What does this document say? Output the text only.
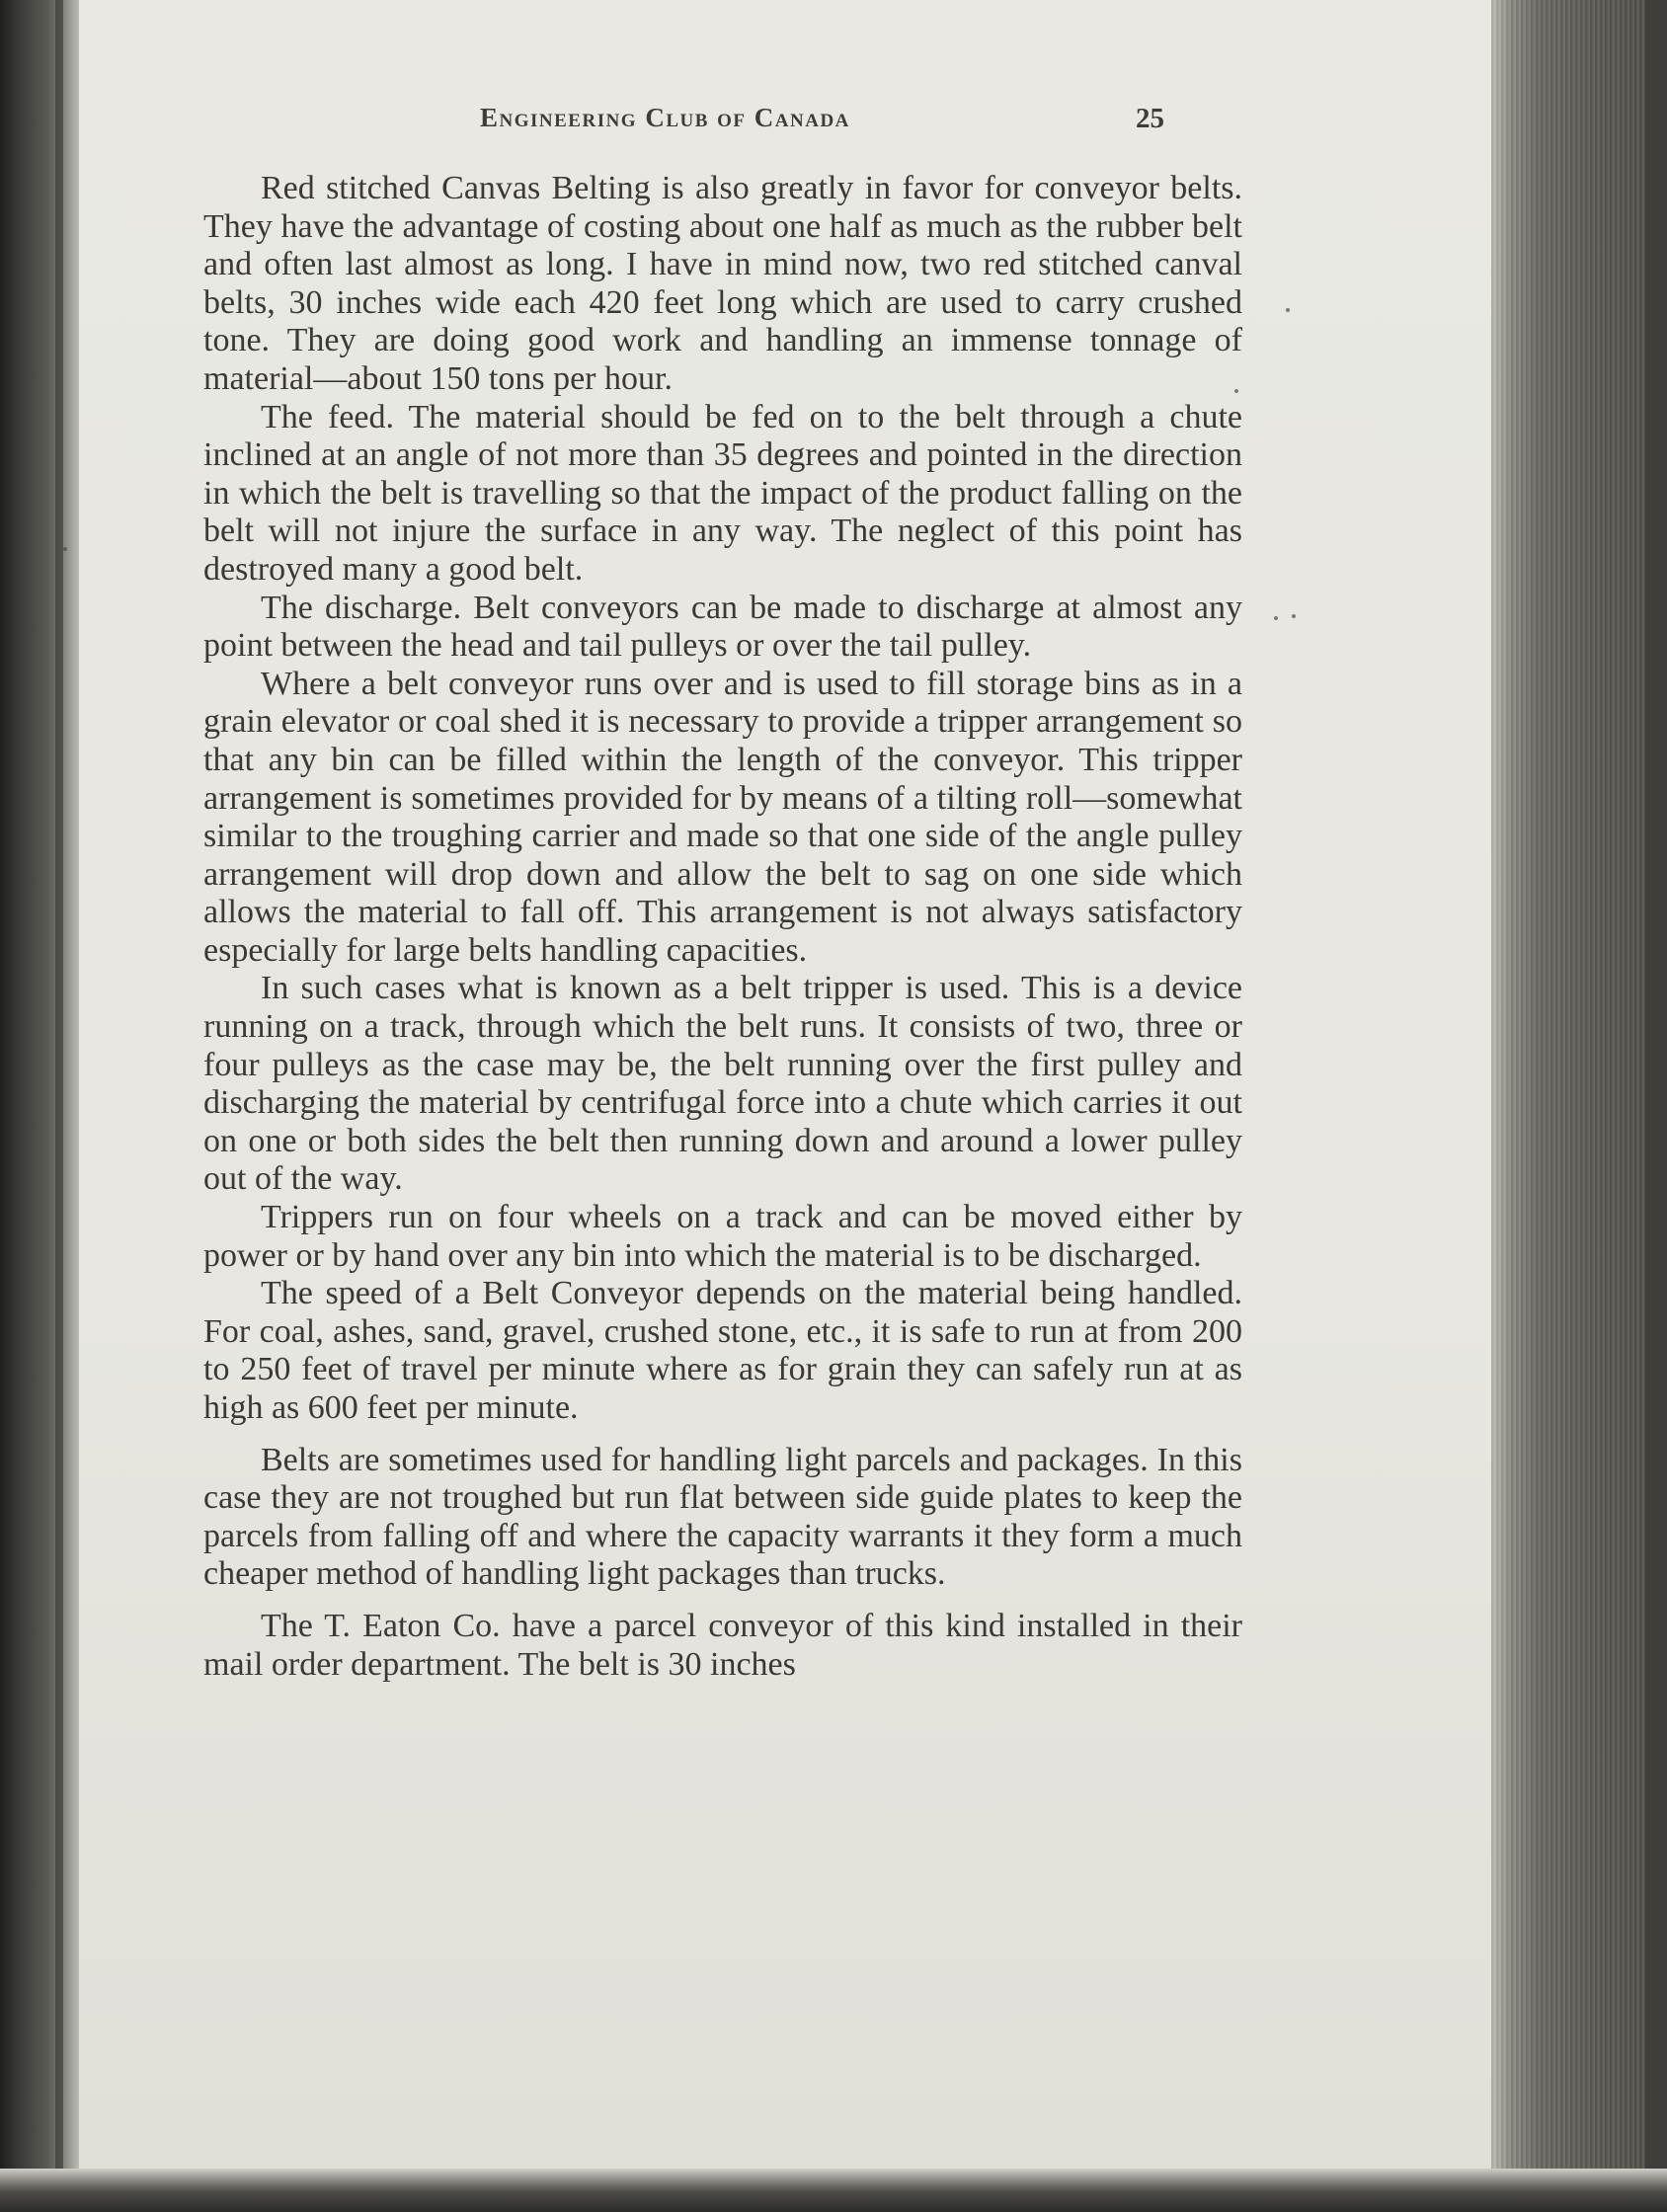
Engineering Club of Canada	25

Red stitched Canvas Belting is also greatly in favor for conveyor belts. They have the advantage of costing about one half as much as the rubber belt and often last almost as long. I have in mind now, two red stitched canval belts, 30 inches wide each 420 feet long which are used to carry crushed tone. They are doing good work and handling an immense tonnage of material—about 150 tons per hour.

The feed. The material should be fed on to the belt through a chute inclined at an angle of not more than 35 degrees and pointed in the direction in which the belt is travelling so that the impact of the product falling on the belt will not injure the surface in any way. The neglect of this point has destroyed many a good belt.

The discharge. Belt conveyors can be made to discharge at almost any point between the head and tail pulleys or over the tail pulley.

Where a belt conveyor runs over and is used to fill storage bins as in a grain elevator or coal shed it is necessary to provide a tripper arrangement so that any bin can be filled within the length of the conveyor. This tripper arrangement is sometimes provided for by means of a tilting roll—somewhat similar to the troughing carrier and made so that one side of the angle pulley arrangement will drop down and allow the belt to sag on one side which allows the material to fall off. This arrangement is not always satisfactory especially for large belts handling capacities.

In such cases what is known as a belt tripper is used. This is a device running on a track, through which the belt runs. It consists of two, three or four pulleys as the case may be, the belt running over the first pulley and discharging the material by centrifugal force into a chute which carries it out on one or both sides the belt then running down and around a lower pulley out of the way.

Trippers run on four wheels on a track and can be moved either by power or by hand over any bin into which the material is to be discharged.

The speed of a Belt Conveyor depends on the material being handled. For coal, ashes, sand, gravel, crushed stone, etc., it is safe to run at from 200 to 250 feet of travel per minute where as for grain they can safely run at as high as 600 feet per minute.

Belts are sometimes used for handling light parcels and packages. In this case they are not troughed but run flat between side guide plates to keep the parcels from falling off and where the capacity warrants it they form a much cheaper method of handling light packages than trucks.

The T. Eaton Co. have a parcel conveyor of this kind installed in their mail order department. The belt is 30 inches
